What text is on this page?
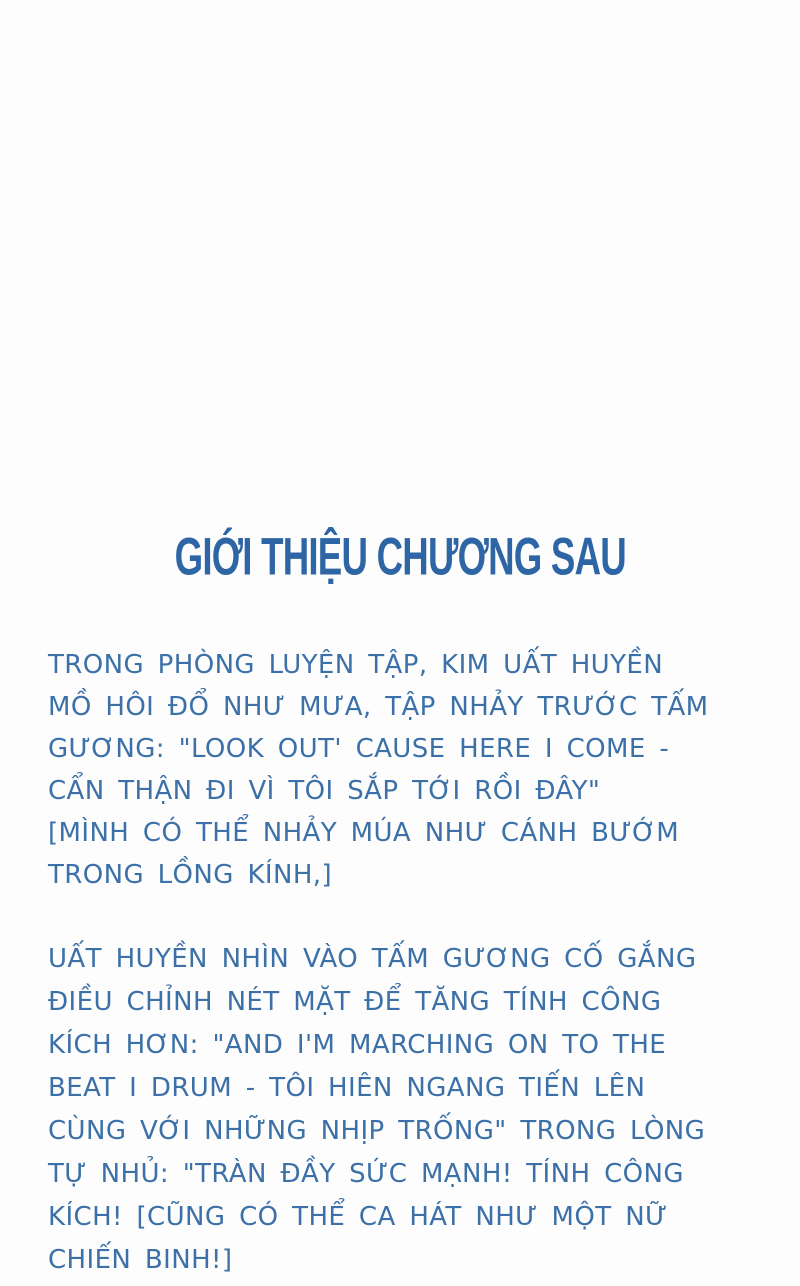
GIỚI THIỆU CHƯƠNG SAU
TRONG PHÒNG LUYỆN TẬP, KIM UẤT HUYỀN
MỒ HÔI ĐỔ NHƯ MƯA, TẬP NHẢY TRƯỚC TẤM
GƯƠNG: "LOOK OUT' CAUSE HERE I COME -
CẨN THẬN ĐI VÌ TÔI SẮP TỚI RỒI ĐÂY"
[MÌNH CÓ THỂ NHẢY MÚA NHƯ CÁNH BƯỚM
TRONG LỒNG KÍNH,]
UẤT HUYỀN NHÌN VÀO TẤM GƯƠNG CỐ GẮNG
ĐIỀU CHỈNH NÉT MẶT ĐỂ TĂNG TÍNH CÔNG
KÍCH HƠN: "AND I'M MARCHING ON TO THE
BEAT I DRUM - TÔI HIÊN NGANG TIẾN LÊN
CÙNG VỚI NHỮNG NHỊP TRỐNG" TRONG LÒNG
TỰ NHỦ: "TRÀN ĐẦY SỨC MẠNH! TÍNH CÔNG
KÍCH! [CŨNG CÓ THỂ CA HÁT NHƯ MỘT NỮ
CHIẾN BINH!]
